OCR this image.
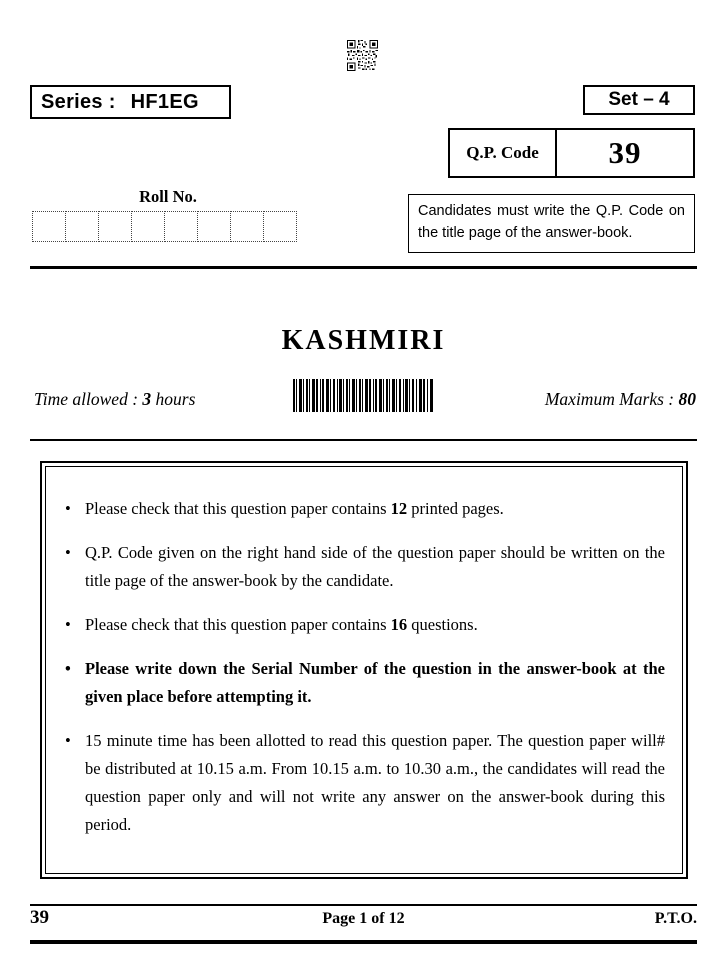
Series : HF1EG	Set – 4
Q.P. Code	39
Roll No.
Candidates must write the Q.P. Code on the title page of the answer-book.
KASHMIRI
Time allowed : 3 hours	Maximum Marks : 80
• Please check that this question paper contains 12 printed pages.
• Q.P. Code given on the right hand side of the question paper should be written on the title page of the answer-book by the candidate.
• Please check that this question paper contains 16 questions.
• Please write down the Serial Number of the question in the answer-book at the given place before attempting it.
• #
15 minute time has been allotted to read this question paper. The question paper will be distributed at 10.15 a.m. From 10.15 a.m. to 10.30 a.m., the candidates will read the question paper only and will not write any answer on the answer-book during this period.
Page 1 of 12
39	P.T.O.
